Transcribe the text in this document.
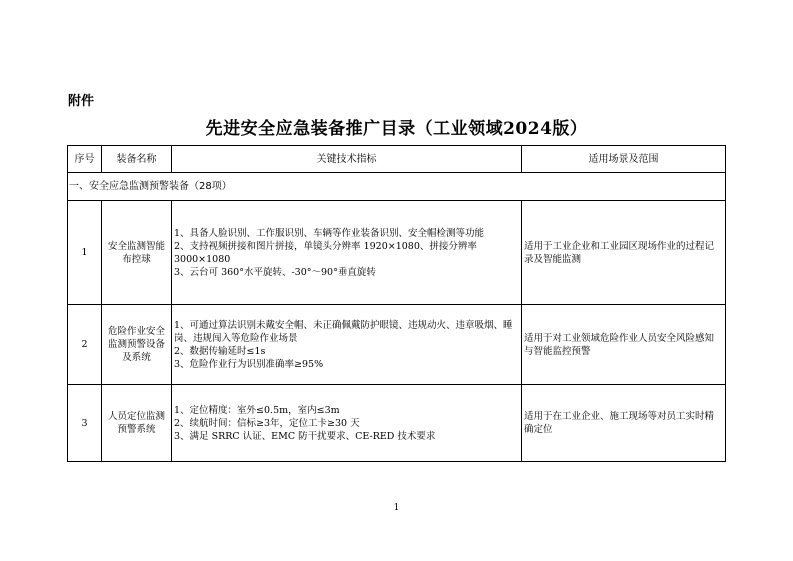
附件
先进安全应急装备推广目录（工业领域2024版）
序号	装备名称	关键技术指标	适用场景及范围
一、安全应急监测预警装备（28项）			
1	安全监测智能布控球	1、具备人脸识别、工作服识别、车辆等作业装备识别、安全帽检测等功能
2、支持视频拼接和图片拼接，单镜头分辨率 1920×1080、拼接分辨率3000×1080
3、云台可 360°水平旋转、-30°～90°垂直旋转	适用于工业企业和工业园区现场作业的过程记录及智能监测
2	危险作业安全监测预警设备及系统	1、可通过算法识别未戴安全帽、未正确佩戴防护眼镜、违规动火、违章吸烟、睡岗、违规闯入等危险作业场景
2、数据传输延时≤1s
3、危险作业行为识别准确率≥95%	适用于对工业领域危险作业人员安全风险感知与智能监控预警
3	人员定位监测预警系统	1、定位精度：室外≤0.5m，室内≤3m
2、续航时间：信标≥3年，定位工卡≥30 天
3、满足 SRRC 认证、EMC 防干扰要求、CE-RED 技术要求	适用于在工业企业、施工现场等对员工实时精确定位
1
